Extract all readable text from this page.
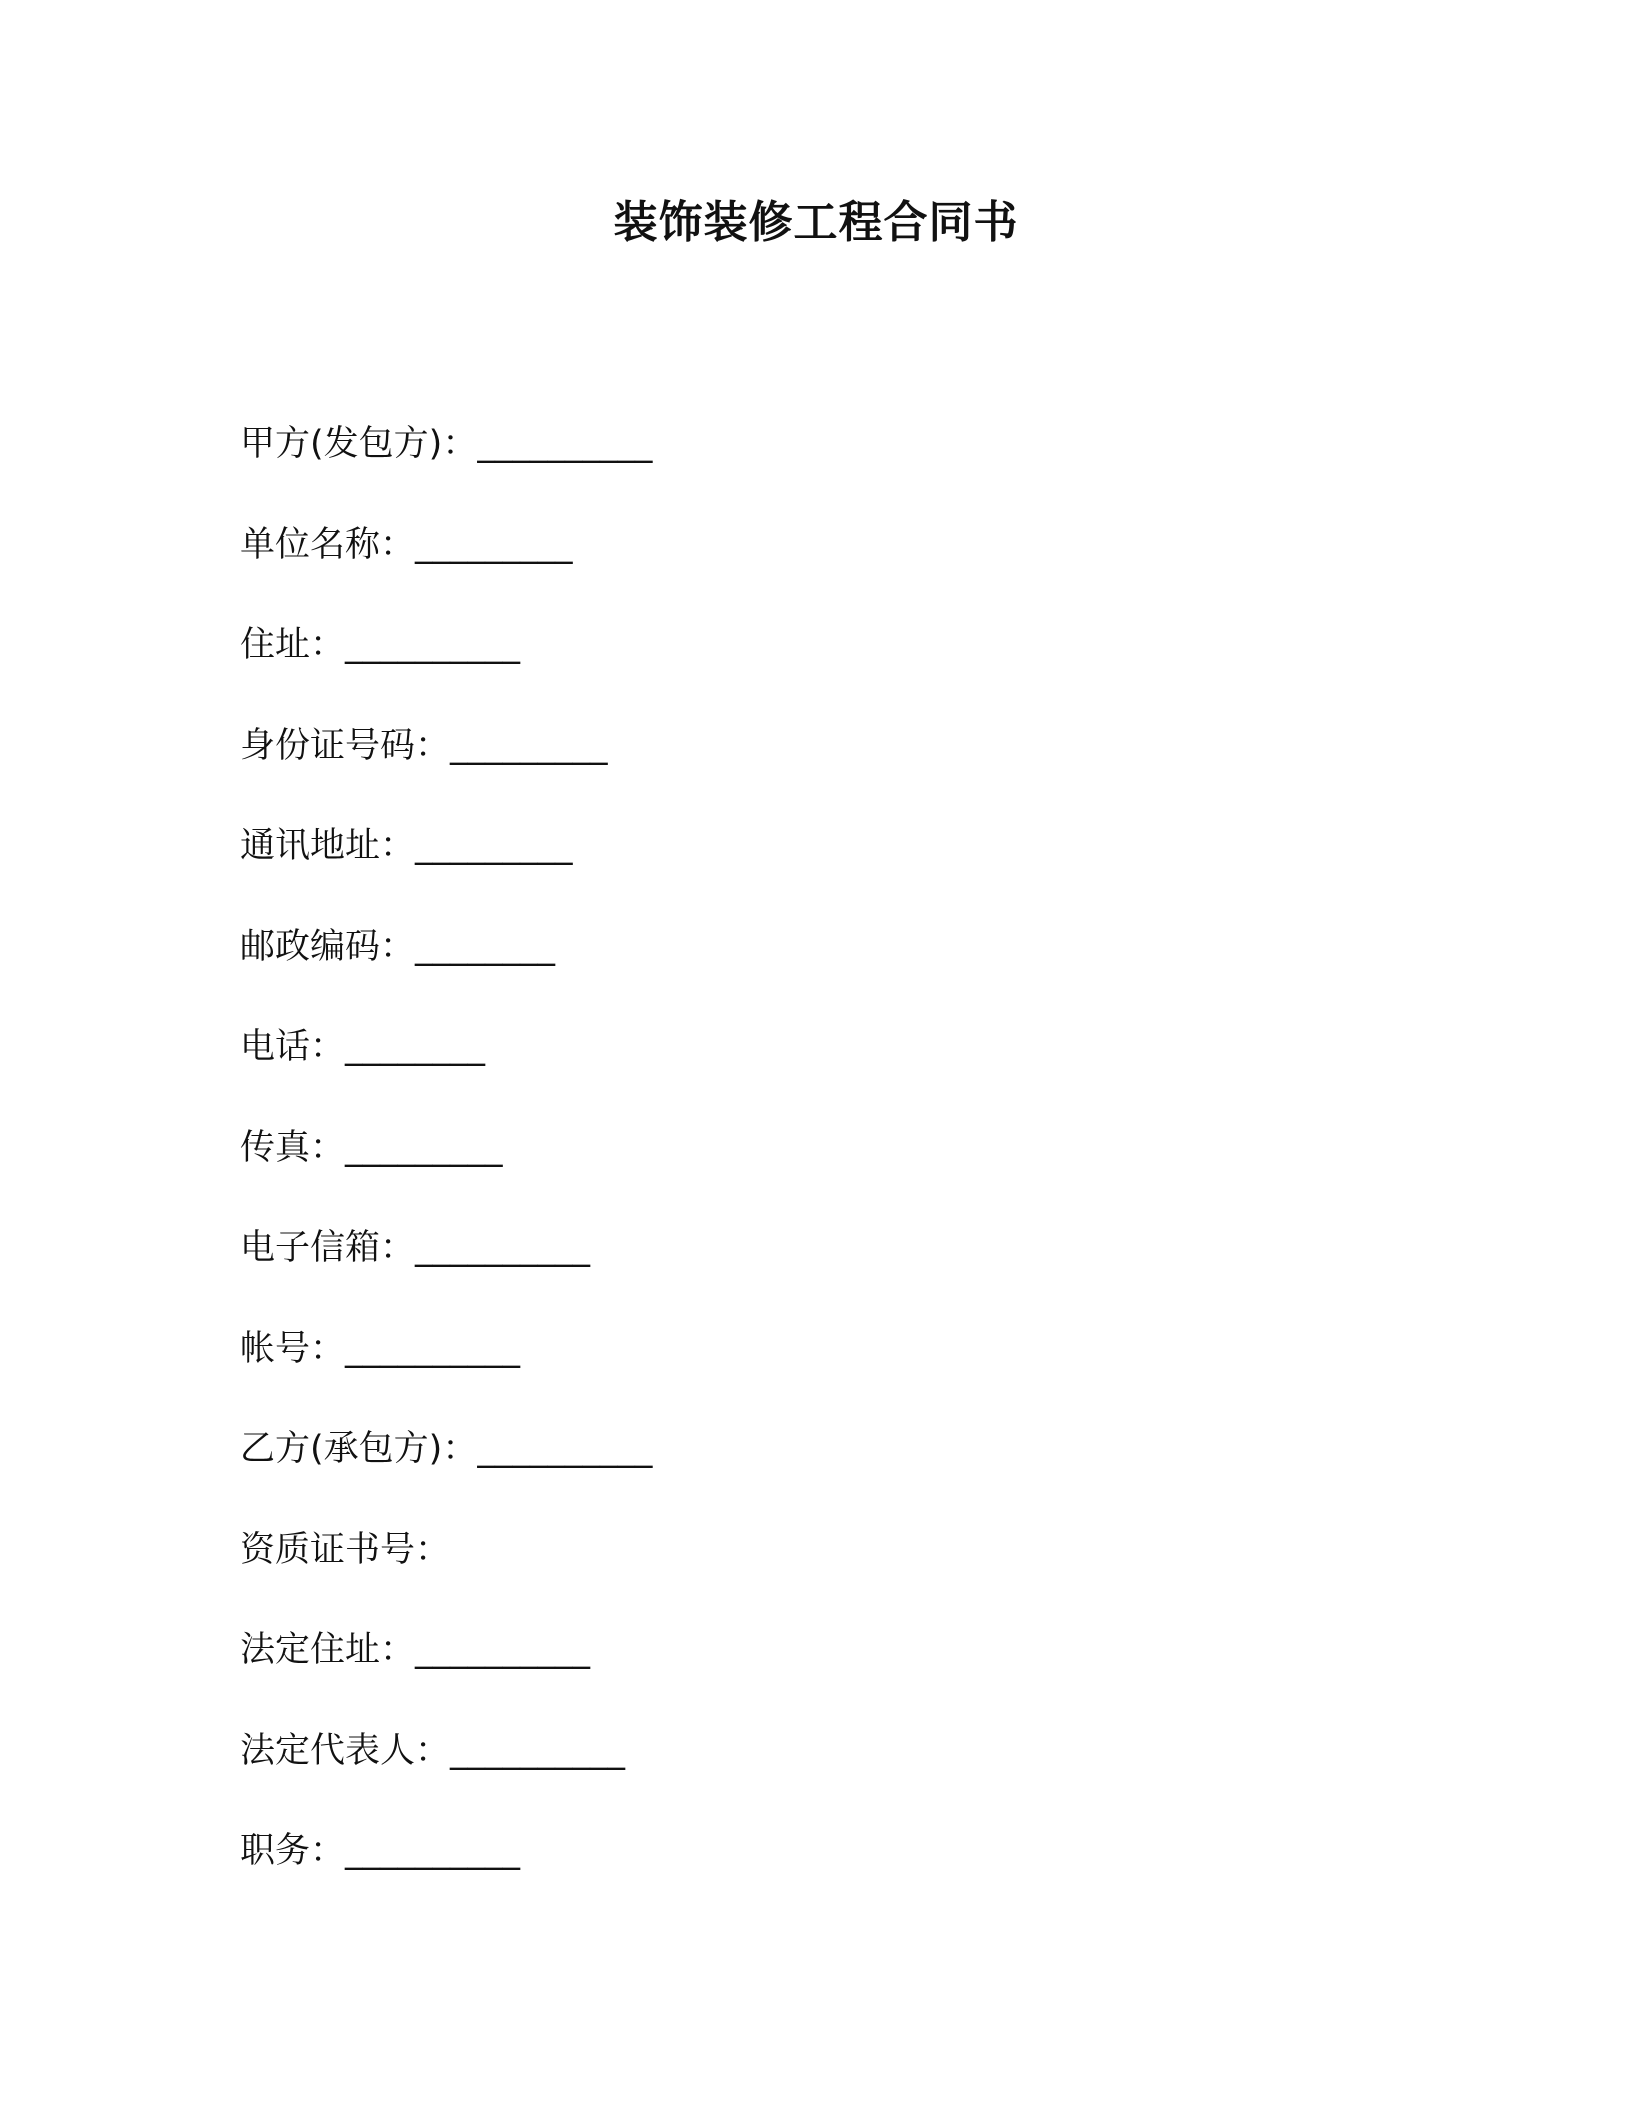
装饰装修工程合同书
甲方(发包方)：__________
单位名称：_________
住址：__________
身份证号码：_________
通讯地址：_________
邮政编码：________
电话：________
传真：_________
电子信箱：__________
帐号：__________
乙方(承包方)：__________
资质证书号：
法定住址：__________
法定代表人：__________
职务：__________
